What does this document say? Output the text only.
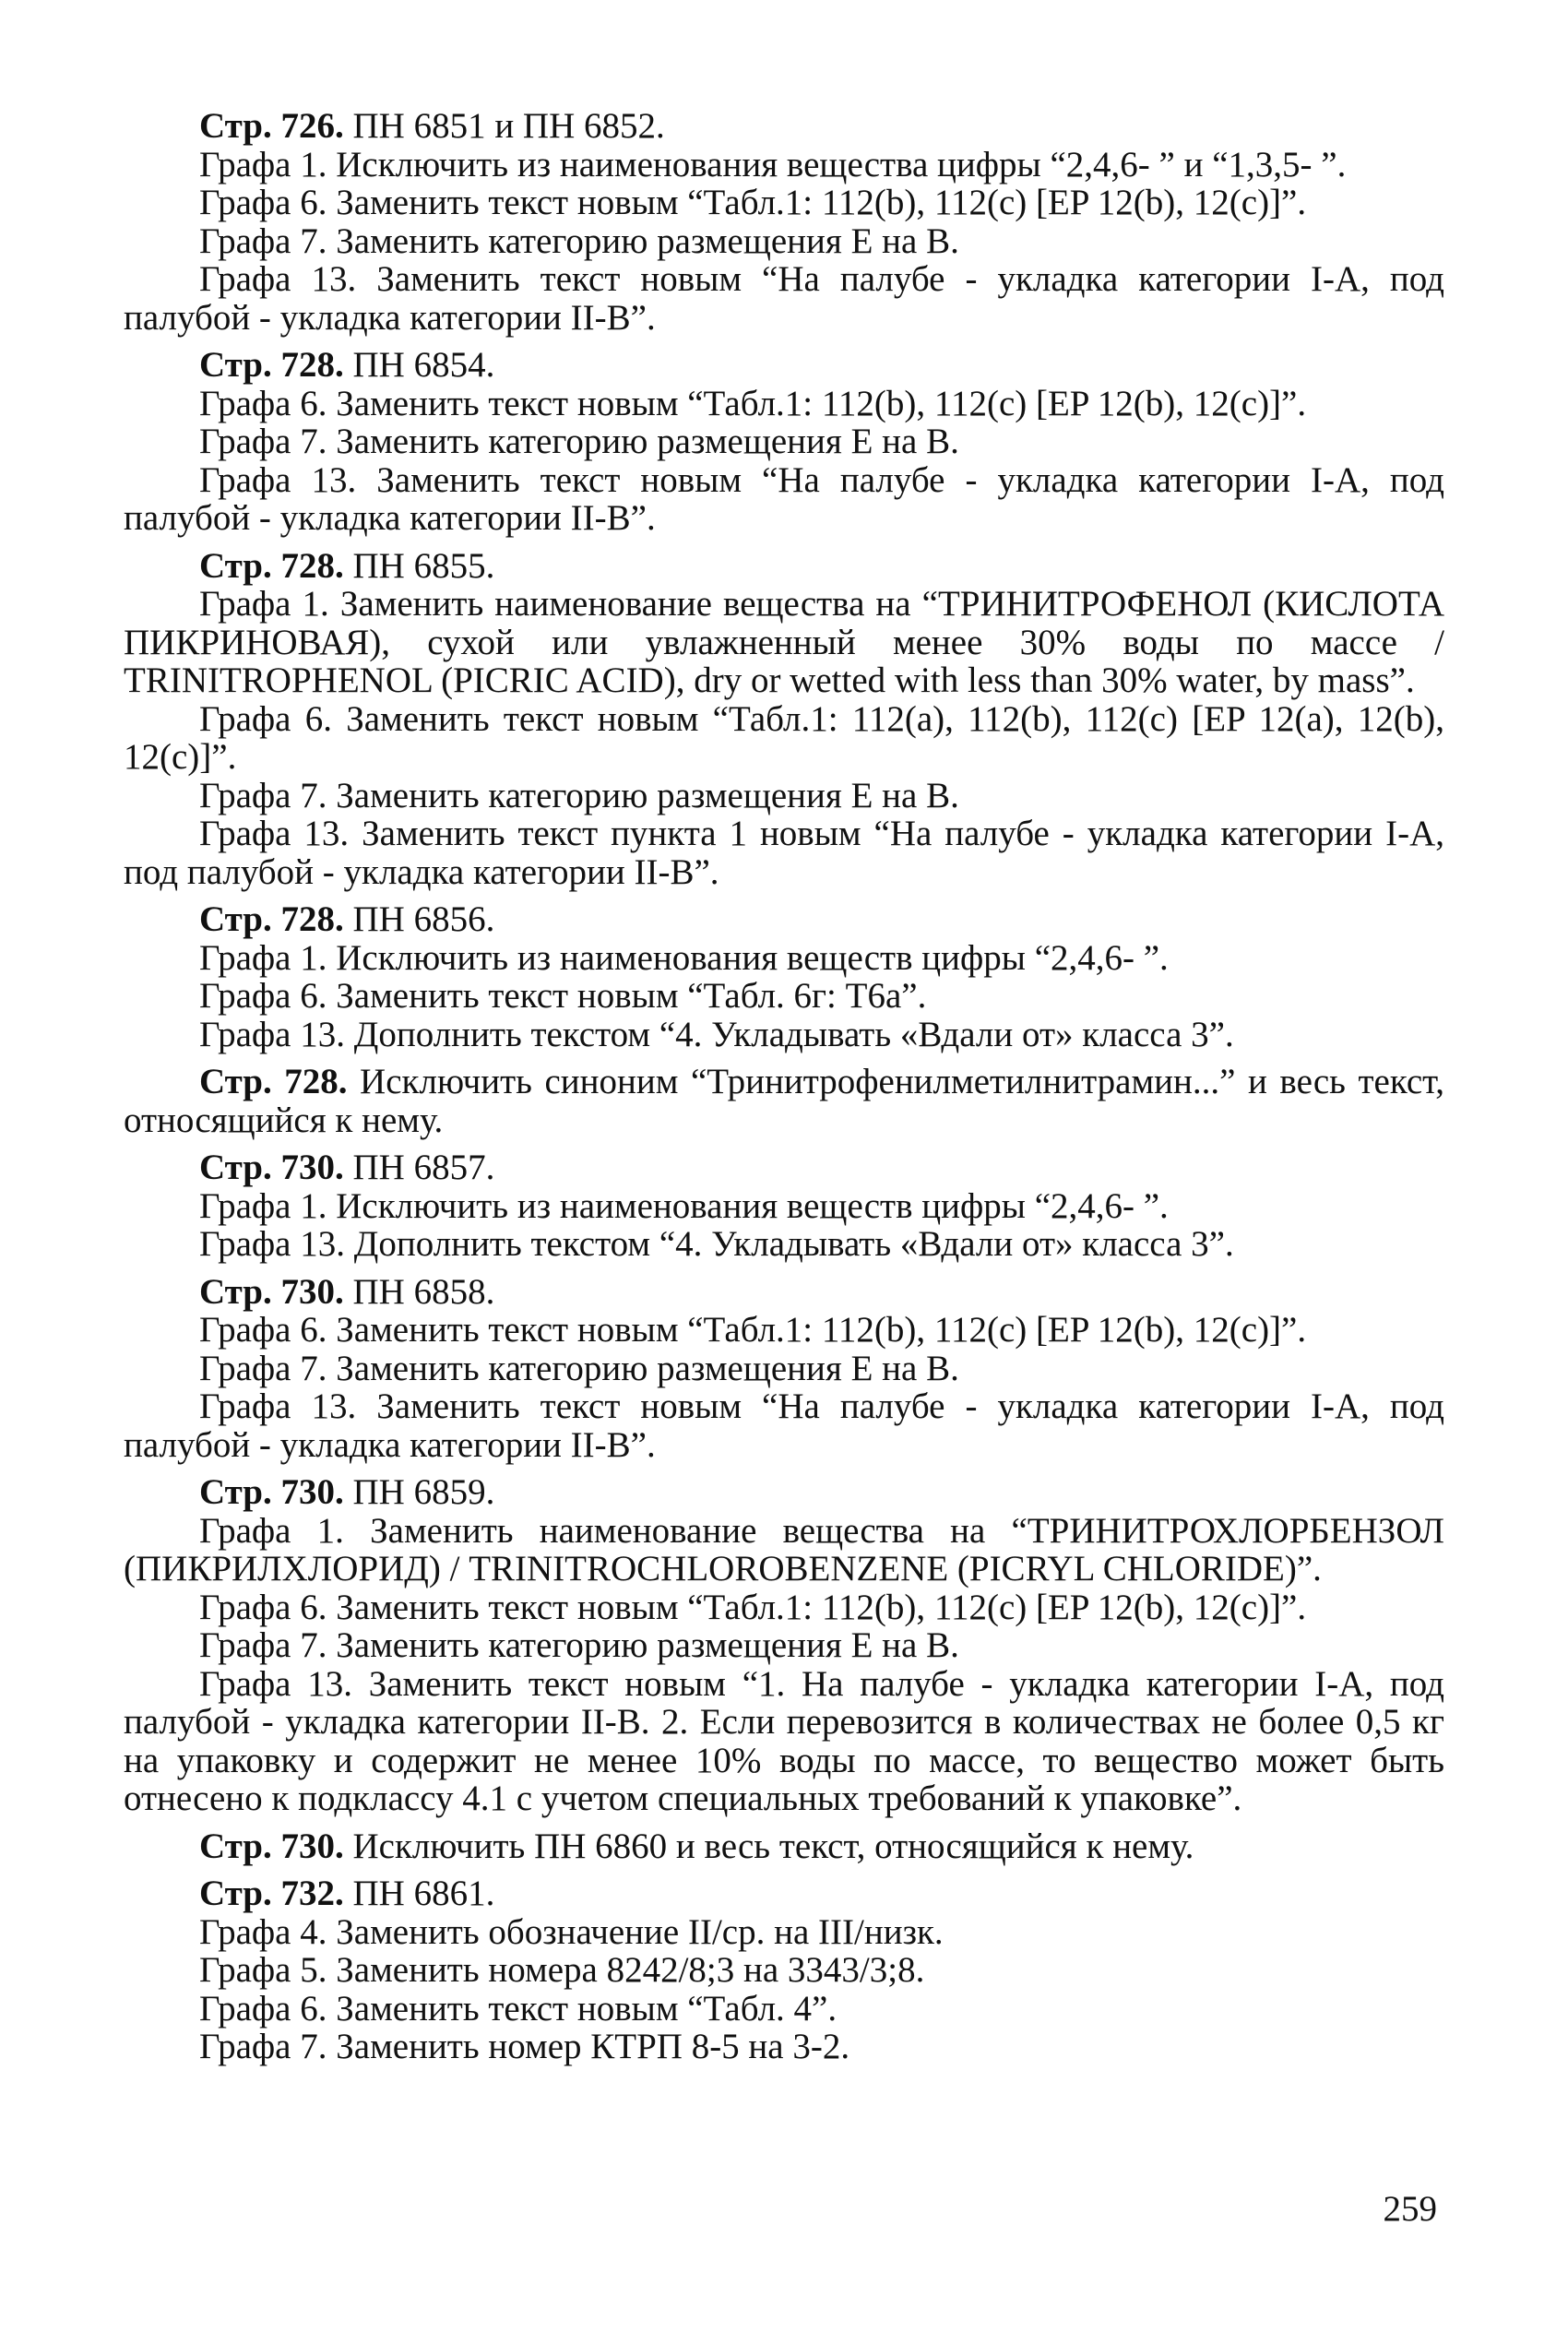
Стр. 726. ПН 6851 и ПН 6852.
Графа 1. Исключить из наименования вещества цифры “2,4,6- ” и “1,3,5- ”.
Графа 6. Заменить текст новым “Табл.1: 112(b), 112(c) [EP 12(b), 12(c)]”.
Графа 7. Заменить категорию размещения Е на В.
Графа 13. Заменить текст новым “На палубе - укладка категории I-A, под палубой - укладка категории II-B”.
Стр. 728. ПН 6854.
Графа 6. Заменить текст новым “Табл.1: 112(b), 112(c) [EP 12(b), 12(c)]”.
Графа 7. Заменить категорию размещения Е на В.
Графа 13. Заменить текст новым “На палубе - укладка категории I-A, под палубой - укладка категории II-B”.
Стр. 728. ПН 6855.
Графа 1. Заменить наименование вещества на “ТРИНИТРОФЕНОЛ (КИСЛОТА ПИКРИНОВАЯ), сухой или увлажненный менее 30% воды по массе / TRINITROPHENOL (PICRIC ACID), dry or wetted with less than 30% water, by mass”.
Графа 6. Заменить текст новым “Табл.1: 112(a), 112(b), 112(c) [EP 12(a), 12(b), 12(c)]”.
Графа 7. Заменить категорию размещения Е на В.
Графа 13. Заменить текст пункта 1 новым “На палубе - укладка категории I-A, под палубой - укладка категории II-B”.
Стр. 728. ПН 6856.
Графа 1. Исключить из наименования веществ цифры “2,4,6- ”.
Графа 6. Заменить текст новым “Табл. 6г: Т6а”.
Графа 13. Дополнить текстом “4. Укладывать «Вдали от» класса 3”.
Стр. 728. Исключить синоним “Тринитрофенилметилнитрамин...” и весь текст, относящийся к нему.
Стр. 730. ПН 6857.
Графа 1. Исключить из наименования веществ цифры “2,4,6- ”.
Графа 13. Дополнить текстом “4. Укладывать «Вдали от» класса 3”.
Стр. 730. ПН 6858.
Графа 6. Заменить текст новым “Табл.1: 112(b), 112(c) [EP 12(b), 12(c)]”.
Графа 7. Заменить категорию размещения Е на В.
Графа 13. Заменить текст новым “На палубе - укладка категории I-A, под палубой - укладка категории II-B”.
Стр. 730. ПН 6859.
Графа 1. Заменить наименование вещества на “ТРИНИТРОХЛОРБЕНЗОЛ (ПИКРИЛХЛОРИД) / TRINITROCHLOROBENZENE (PICRYL CHLORIDE)”.
Графа 6. Заменить текст новым “Табл.1: 112(b), 112(c) [EP 12(b), 12(c)]”.
Графа 7. Заменить категорию размещения Е на В.
Графа 13. Заменить текст новым “1. На палубе - укладка категории I-A, под палубой - укладка категории II-B. 2. Если перевозится в количествах не более 0,5 кг на упаковку и содержит не менее 10% воды по массе, то вещество может быть отнесено к подклассу 4.1 с учетом специальных требований к упаковке”.
Стр. 730. Исключить ПН 6860 и весь текст, относящийся к нему.
Стр. 732. ПН 6861.
Графа 4. Заменить обозначение II/ср. на III/низк.
Графа 5. Заменить номера 8242/8;3 на 3343/3;8.
Графа 6. Заменить текст новым “Табл. 4”.
Графа 7. Заменить номер КТРП 8-5 на 3-2.
259
